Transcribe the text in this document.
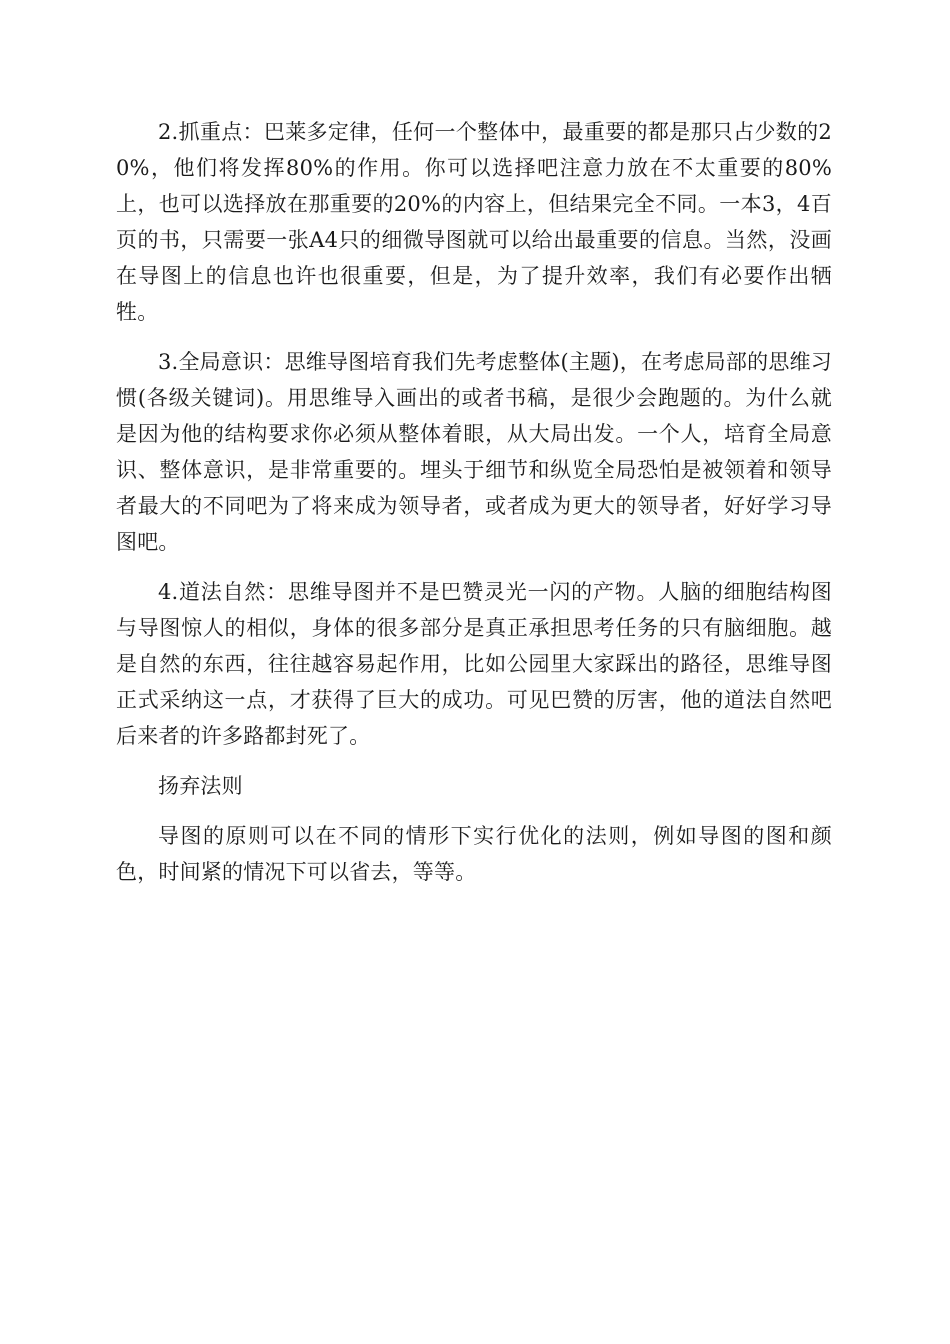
2.抓重点：巴莱多定律，任何一个整体中，最重要的都是那只占少数的20%，他们将发挥80%的作用。你可以选择吧注意力放在不太重要的80%上，也可以选择放在那重要的20%的内容上，但结果完全不同。一本3，4百页的书，只需要一张A4只的细微导图就可以给出最重要的信息。当然，没画在导图上的信息也许也很重要，但是，为了提升效率，我们有必要作出牺牲。

3.全局意识：思维导图培育我们先考虑整体(主题)，在考虑局部的思维习惯(各级关键词)。用思维导入画出的或者书稿，是很少会跑题的。为什么就是因为他的结构要求你必须从整体着眼，从大局出发。一个人，培育全局意识、整体意识，是非常重要的。埋头于细节和纵览全局恐怕是被领着和领导者最大的不同吧为了将来成为领导者，或者成为更大的领导者，好好学习导图吧。

4.道法自然：思维导图并不是巴赞灵光一闪的产物。人脑的细胞结构图与导图惊人的相似，身体的很多部分是真正承担思考任务的只有脑细胞。越是自然的东西，往往越容易起作用，比如公园里大家踩出的路径，思维导图正式采纳这一点，才获得了巨大的成功。可见巴赞的厉害，他的道法自然吧后来者的许多路都封死了。

扬弃法则

导图的原则可以在不同的情形下实行优化的法则，例如导图的图和颜色，时间紧的情况下可以省去，等等。
